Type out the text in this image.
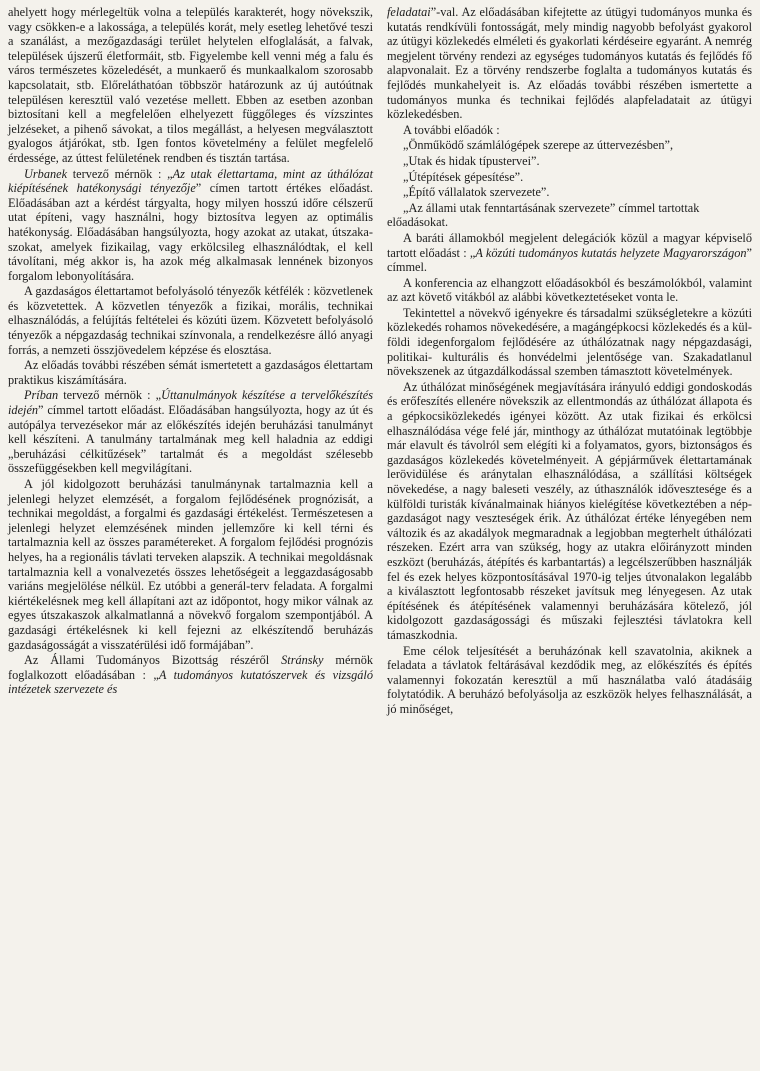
ahelyett hogy mérlegeltük volna a település karakterét, hogy növekszik, vagy csökken-e a lakossága, a település korát, mely esetleg lehetővé teszi a szanálást, a mezőgazdasági terület helytelen elfoglalását, a falvak, települések újszerű életformáit, stb. Figyelembe kell venni még a falu és város természetes közeledését, a munkaerő és munkaalkalom szorosabb kapcsolatait, stb. Előreláthatóan többször határozunk az új autóútnak településen keresztül való vezetése mellett. Ebben az esetben azonban biztosítani kell a megfelelően elhelyezett függőleges és vízszintes jelzéseket, a pihenő sávokat, a tilos megállást, a helyesen megválasztott gyalogos átjárókat, stb. Igen fontos követelmény a felület megfelelő érdessége, az úttest felületének rendben és tisztán tartása.

Urbanek tervező mérnök : „Az utak élettartama, mint az úthálózat kiépítésének hatékonysági tényezője” címen tartott értékes előadást. Előadásában azt a kérdést tárgyalta, hogy milyen hosszú időre célszerű utat építeni, vagy használni, hogy biztosítva legyen az optimális hatékonyság. Előadásában hangsúlyozta, hogy azokat az utakat, útszakaszokat, amelyek fizikailag, vagy erkölcsileg elhasználódtak, el kell távolítani, még akkor is, ha azok még alkalmasak lennének bizonyos forgalom lebonyolítására.

A gazdaságos élettartamot befolyásoló tényezők kétfélék : közvetlenek és közvetettek. A közvetlen tényezők a fizikai, morális, technikai elhasználódás, a felújítás feltételei és közúti üzem. Közvetett befolyásoló tényezők a népgazdaság technikai színvonala, a rendelkezésre álló anyagi forrás, a nemzeti összjövedelem képzése és elosztása.

Az előadás további részében sémát ismertetett a gazdaságos élettartam praktikus kiszámítására.

Príban tervező mérnök : „Úttanulmányok készítése a tervelőkészítés idején” címmel tartott előadást. Előadásában hangsúlyozta, hogy az út és autópálya tervezésekor már az előkészítés idején beruházási tanulmányt kell készíteni. A tanulmány tartalmának meg kell haladnia az eddigi „beruházási célkitűzések” tartalmát és a megoldást szélesebb összefüggésekben kell megvilágítani.

A jól kidolgozott beruházási tanulmánynak tartalmaznia kell a jelenlegi helyzet elemzését, a forgalom fejlődésének prognózisát, a technikai megoldást, a forgalmi és gazdasági értékelést. Természetesen a jelenlegi helyzet elemzésének minden jellemzőre ki kell térni és tartalmaznia kell az összes paramétereket. A forgalom fejlődési prognózis helyes, ha a regionális távlati terveken alapszik. A technikai megoldásnak tartalmaznia kell a vonalvezetés összes lehetőségeit a leggazdaságosabb variáns megjelölése nélkül. Ez utóbbi a generál-terv feladata. A forgalmi kiértékelésnek meg kell állapítani azt az időpontot, hogy mikor válnak az egyes útszakaszok alkalmatlanná a növekvő forgalom szempontjából. A gazdasági értékelésnek ki kell fejezni az elkészítendő beruházás gazdaságosságát a visszatérülési idő formájában”.

Az Állami Tudományos Bizottság részéről Stránsky mérnök foglalkozott előadásában : „A tudományos kutatószervek és vizsgáló intézetek szervezete és

feladatai”-val. Az előadásában kifejtette az útügyi tudományos munka és kutatás rendkívüli fontosságát, mely mindig nagyobb befolyást gyakorol az útügyi közlekedés elméleti és gyakorlati kérdéseire egyaránt. A nemrég megjelent törvény rendezi az egységes tudományos kutatás és fejlődés fő alapvonalait. Ez a törvény rendszerbe foglalta a tudományos kutatás és fejlődés munkahelyeit is. Az előadás további részében ismertette a tudományos munka és technikai fejlődés alapfeladatait az útügyi közlekedésben.

A további előadók :

„Önműködő számlálógépek szerepe az úttervezésben”,

„Utak és hidak típustervei”.

„Útépítések gépesítése”.

„Építő vállalatok szervezete”.

„Az állami utak fenntartásának szervezete” címmel tartottak előadásokat.

A baráti államokból megjelent delegációk közül a magyar képviselő tartott előadást : „A közúti tudományos kutatás helyzete Magyarországon” címmel.

A konferencia az elhangzott előadásokból és beszámolókból, valamint az azt követő vitákból az alábbi következtetéseket vonta le.

Tekintettel a növekvő igényekre és társadalmi szükségletekre a közúti közlekedés rohamos növekedésére, a magángépkocsi közlekedés és a külföldi idegenforgalom fejlődésére az úthálózatnak nagy népgazdasági, politikai- kulturális és honvédelmi jelentősége van. Szakadatlanul növekszenek az útgazdálkodással szemben támasztott követelmények.

Az úthálózat minőségének megjavítására irányuló eddigi gondoskodás és erőfeszítés ellenére növekszik az ellentmondás az úthálózat állapota és a gépkocsiközlekedés igényei között. Az utak fizikai és erkölcsi elhasználódása vége felé jár, minthogy az úthálózat mutatóinak legtöbbje már elavult és távolról sem elégíti ki a folyamatos, gyors, biztonságos és gazdaságos közlekedés követelményeit. A gépjárművek élettartamának lerövidülése és aránytalan elhasználódása, a szállítási költségek növekedése, a nagy baleseti veszély, az úthasználók időveszteségе és a külföldi turisták kívánalmainak hiányos kielégítése következtében a népgazdaságot nagy veszteségek érik. Az úthálózat értéke lényegében nem változik és az akadályok megmaradnak a legjobban megterhelt úthálózati részeken. Ezért arra van szükség, hogy az utakra előirányzott minden eszközt (beruházás, átépítés és karbantartás) a legcélszerűbben használják fel és ezek helyes központosításával 1970-ig teljes útvonalakon legalább a kiválasztott legfontosabb részeket javítsuk meg lényegesen. Az utak építésének és átépítésének valamennyi beruházására kötelező, jól kidolgozott gazdaságossági és műszaki fejlesztési távlatokra kell támaszkodnia.

Eme célok teljesítését a beruházónak kell szavatolnia, akiknek a feladata a távlatok feltárásával kezdődik meg, az előkészítés és építés valamennyi fokozatán keresztül a mű használatba való átadásáig folytatódik. A beruházó befolyásolja az eszközök helyes felhasználását, a jó minőséget,
